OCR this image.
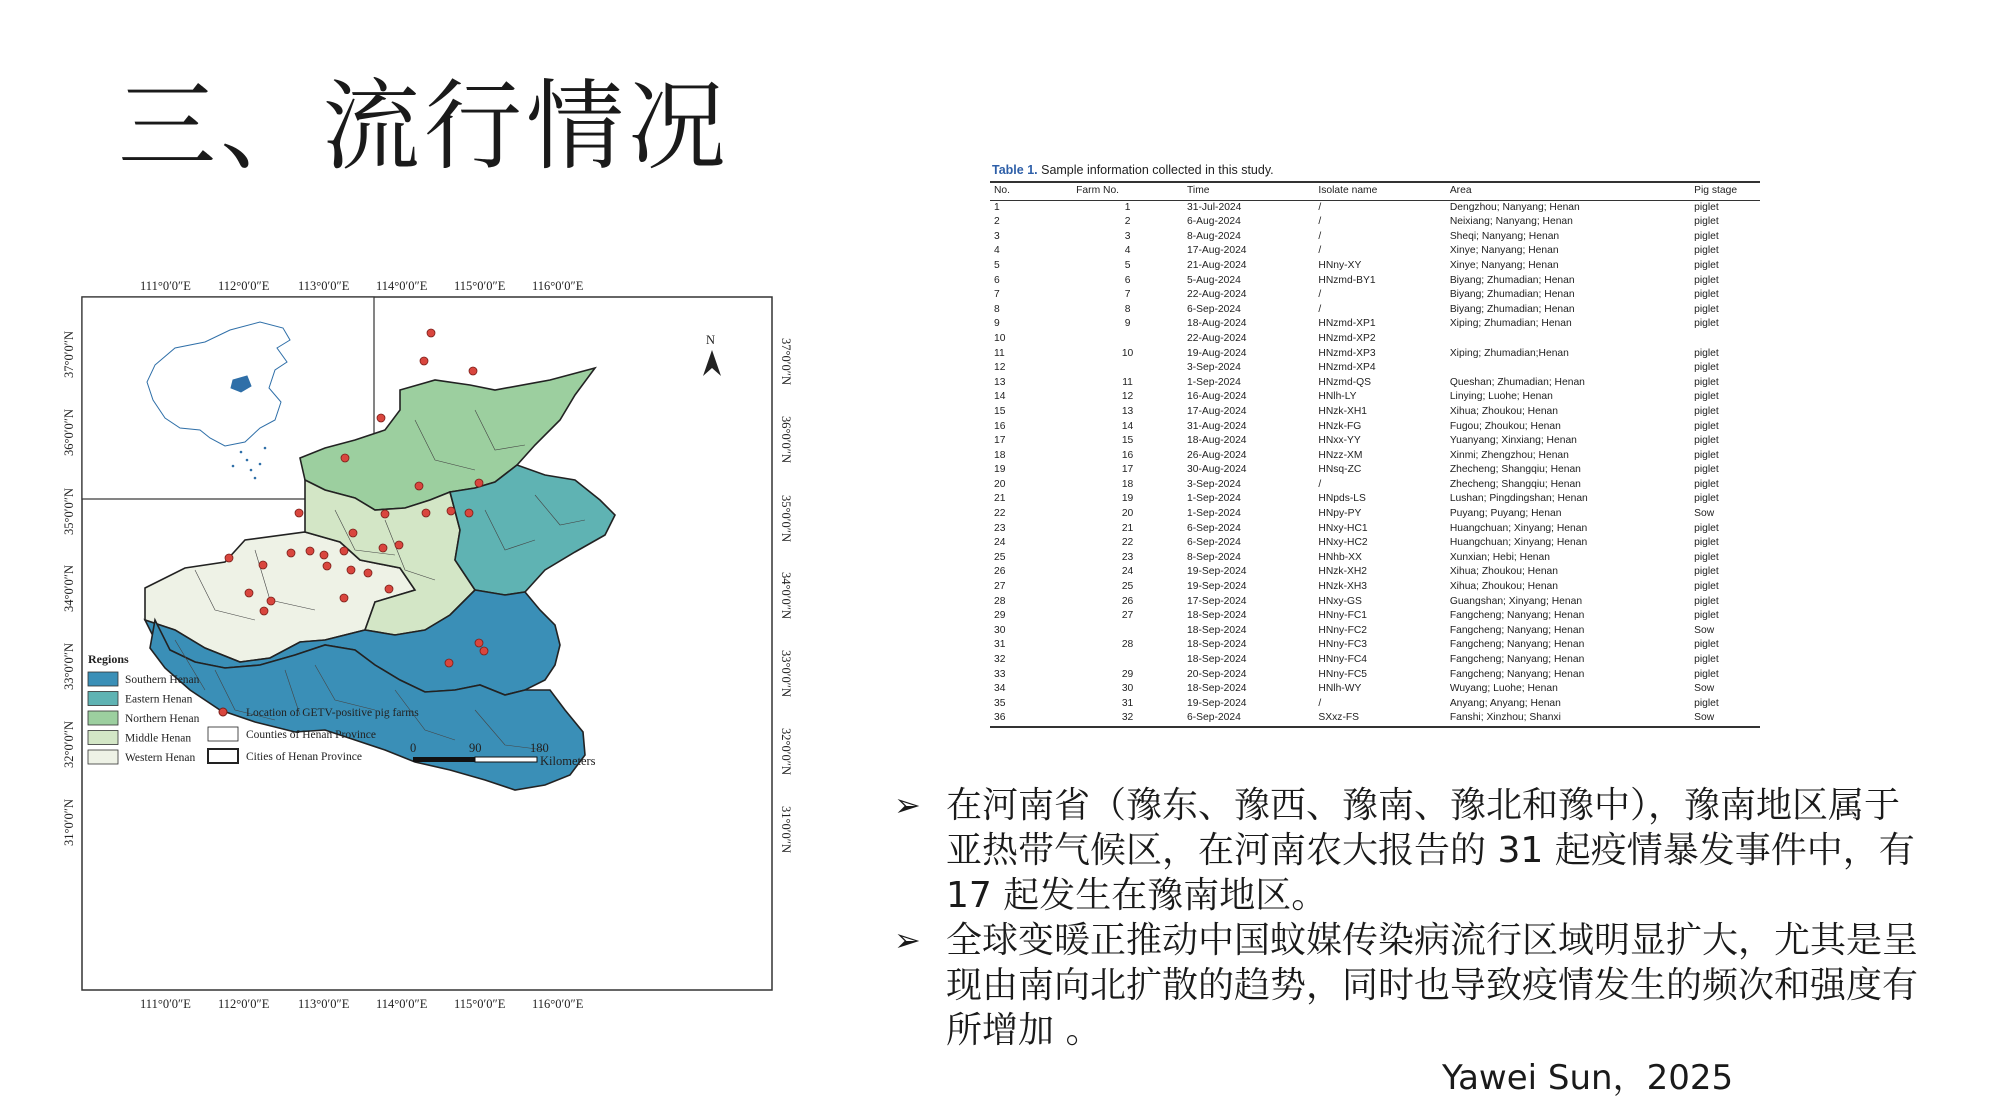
三、流行情况
111°0′0″E 112°0′0″E 113°0′0″E 114°0′0″E 115°0′0″E 116°0′0″E
111°0′0″E 112°0′0″E 113°0′0″E 114°0′0″E 115°0′0″E 116°0′0″E
37°0′0″N
36°0′0″N
35°0′0″N
34°0′0″N
33°0′0″N
32°0′0″N
31°0′0″N
37°0′0″N
36°0′0″N
35°0′0″N
34°0′0″N
33°0′0″N
32°0′0″N
31°0′0″N
N
Regions
Southern Henan
Eastern Henan
Northern Henan
Middle Henan
Western Henan
Location of GETV-positive pig farms
Counties of Henan Province
Cities of Henan Province
0	90	180
Kilometers

Table 1. Sample information collected in this study.

No.	Farm No.	Time	Isolate name	Area	Pig stage
1	1	31-Jul-2024	/	Dengzhou; Nanyang; Henan	piglet
2	2	6-Aug-2024	/	Neixiang; Nanyang; Henan	piglet
3	3	8-Aug-2024	/	Sheqi; Nanyang; Henan	piglet
4	4	17-Aug-2024	/	Xinye; Nanyang; Henan	piglet
5	5	21-Aug-2024	HNny-XY	Xinye; Nanyang; Henan	piglet
6	6	5-Aug-2024	HNzmd-BY1	Biyang; Zhumadian; Henan	piglet
7	7	22-Aug-2024	/	Biyang; Zhumadian; Henan	piglet
8	8	6-Sep-2024	/	Biyang; Zhumadian; Henan	piglet
9	9	18-Aug-2024	HNzmd-XP1	Xiping; Zhumadian; Henan	piglet
10		22-Aug-2024	HNzmd-XP2		
11	10	19-Aug-2024	HNzmd-XP3	Xiping; Zhumadian;Henan	piglet
12		3-Sep-2024	HNzmd-XP4		piglet
13	11	1-Sep-2024	HNzmd-QS	Queshan; Zhumadian; Henan	piglet
14	12	16-Aug-2024	HNlh-LY	Linying; Luohe; Henan	piglet
15	13	17-Aug-2024	HNzk-XH1	Xihua; Zhoukou; Henan	piglet
16	14	31-Aug-2024	HNzk-FG	Fugou; Zhoukou; Henan	piglet
17	15	18-Aug-2024	HNxx-YY	Yuanyang; Xinxiang; Henan	piglet
18	16	26-Aug-2024	HNzz-XM	Xinmi; Zhengzhou; Henan	piglet
19	17	30-Aug-2024	HNsq-ZC	Zhecheng; Shangqiu; Henan	piglet
20	18	3-Sep-2024	/	Zhecheng; Shangqiu; Henan	piglet
21	19	1-Sep-2024	HNpds-LS	Lushan; Pingdingshan; Henan	piglet
22	20	1-Sep-2024	HNpy-PY	Puyang; Puyang; Henan	Sow
23	21	6-Sep-2024	HNxy-HC1	Huangchuan; Xinyang; Henan	piglet
24	22	6-Sep-2024	HNxy-HC2	Huangchuan; Xinyang; Henan	piglet
25	23	8-Sep-2024	HNhb-XX	Xunxian; Hebi; Henan	piglet
26	24	19-Sep-2024	HNzk-XH2	Xihua; Zhoukou; Henan	piglet
27	25	19-Sep-2024	HNzk-XH3	Xihua; Zhoukou; Henan	piglet
28	26	17-Sep-2024	HNxy-GS	Guangshan; Xinyang; Henan	piglet
29	27	18-Sep-2024	HNny-FC1	Fangcheng; Nanyang; Henan	piglet
30		18-Sep-2024	HNny-FC2	Fangcheng; Nanyang; Henan	Sow
31	28	18-Sep-2024	HNny-FC3	Fangcheng; Nanyang; Henan	piglet
32		18-Sep-2024	HNny-FC4	Fangcheng; Nanyang; Henan	piglet
33	29	20-Sep-2024	HNny-FC5	Fangcheng; Nanyang; Henan	piglet
34	30	18-Sep-2024	HNlh-WY	Wuyang; Luohe; Henan	Sow
35	31	19-Sep-2024	/	Anyang; Anyang; Henan	piglet
36	32	6-Sep-2024	SXxz-FS	Fanshi; Xinzhou; Shanxi	Sow
➢ 在河南省（豫东、豫西、豫南、豫北和豫中），豫南地区属于亚热带气候区，在河南农大报告的 31 起疫情暴发事件中，有 17 起发生在豫南地区。
➢ 全球变暖正推动中国蚊媒传染病流行区域明显扩大，尤其是呈现由南向北扩散的趋势，同时也导致疫情发生的频次和强度有所增加 。
Yawei Sun，2025
